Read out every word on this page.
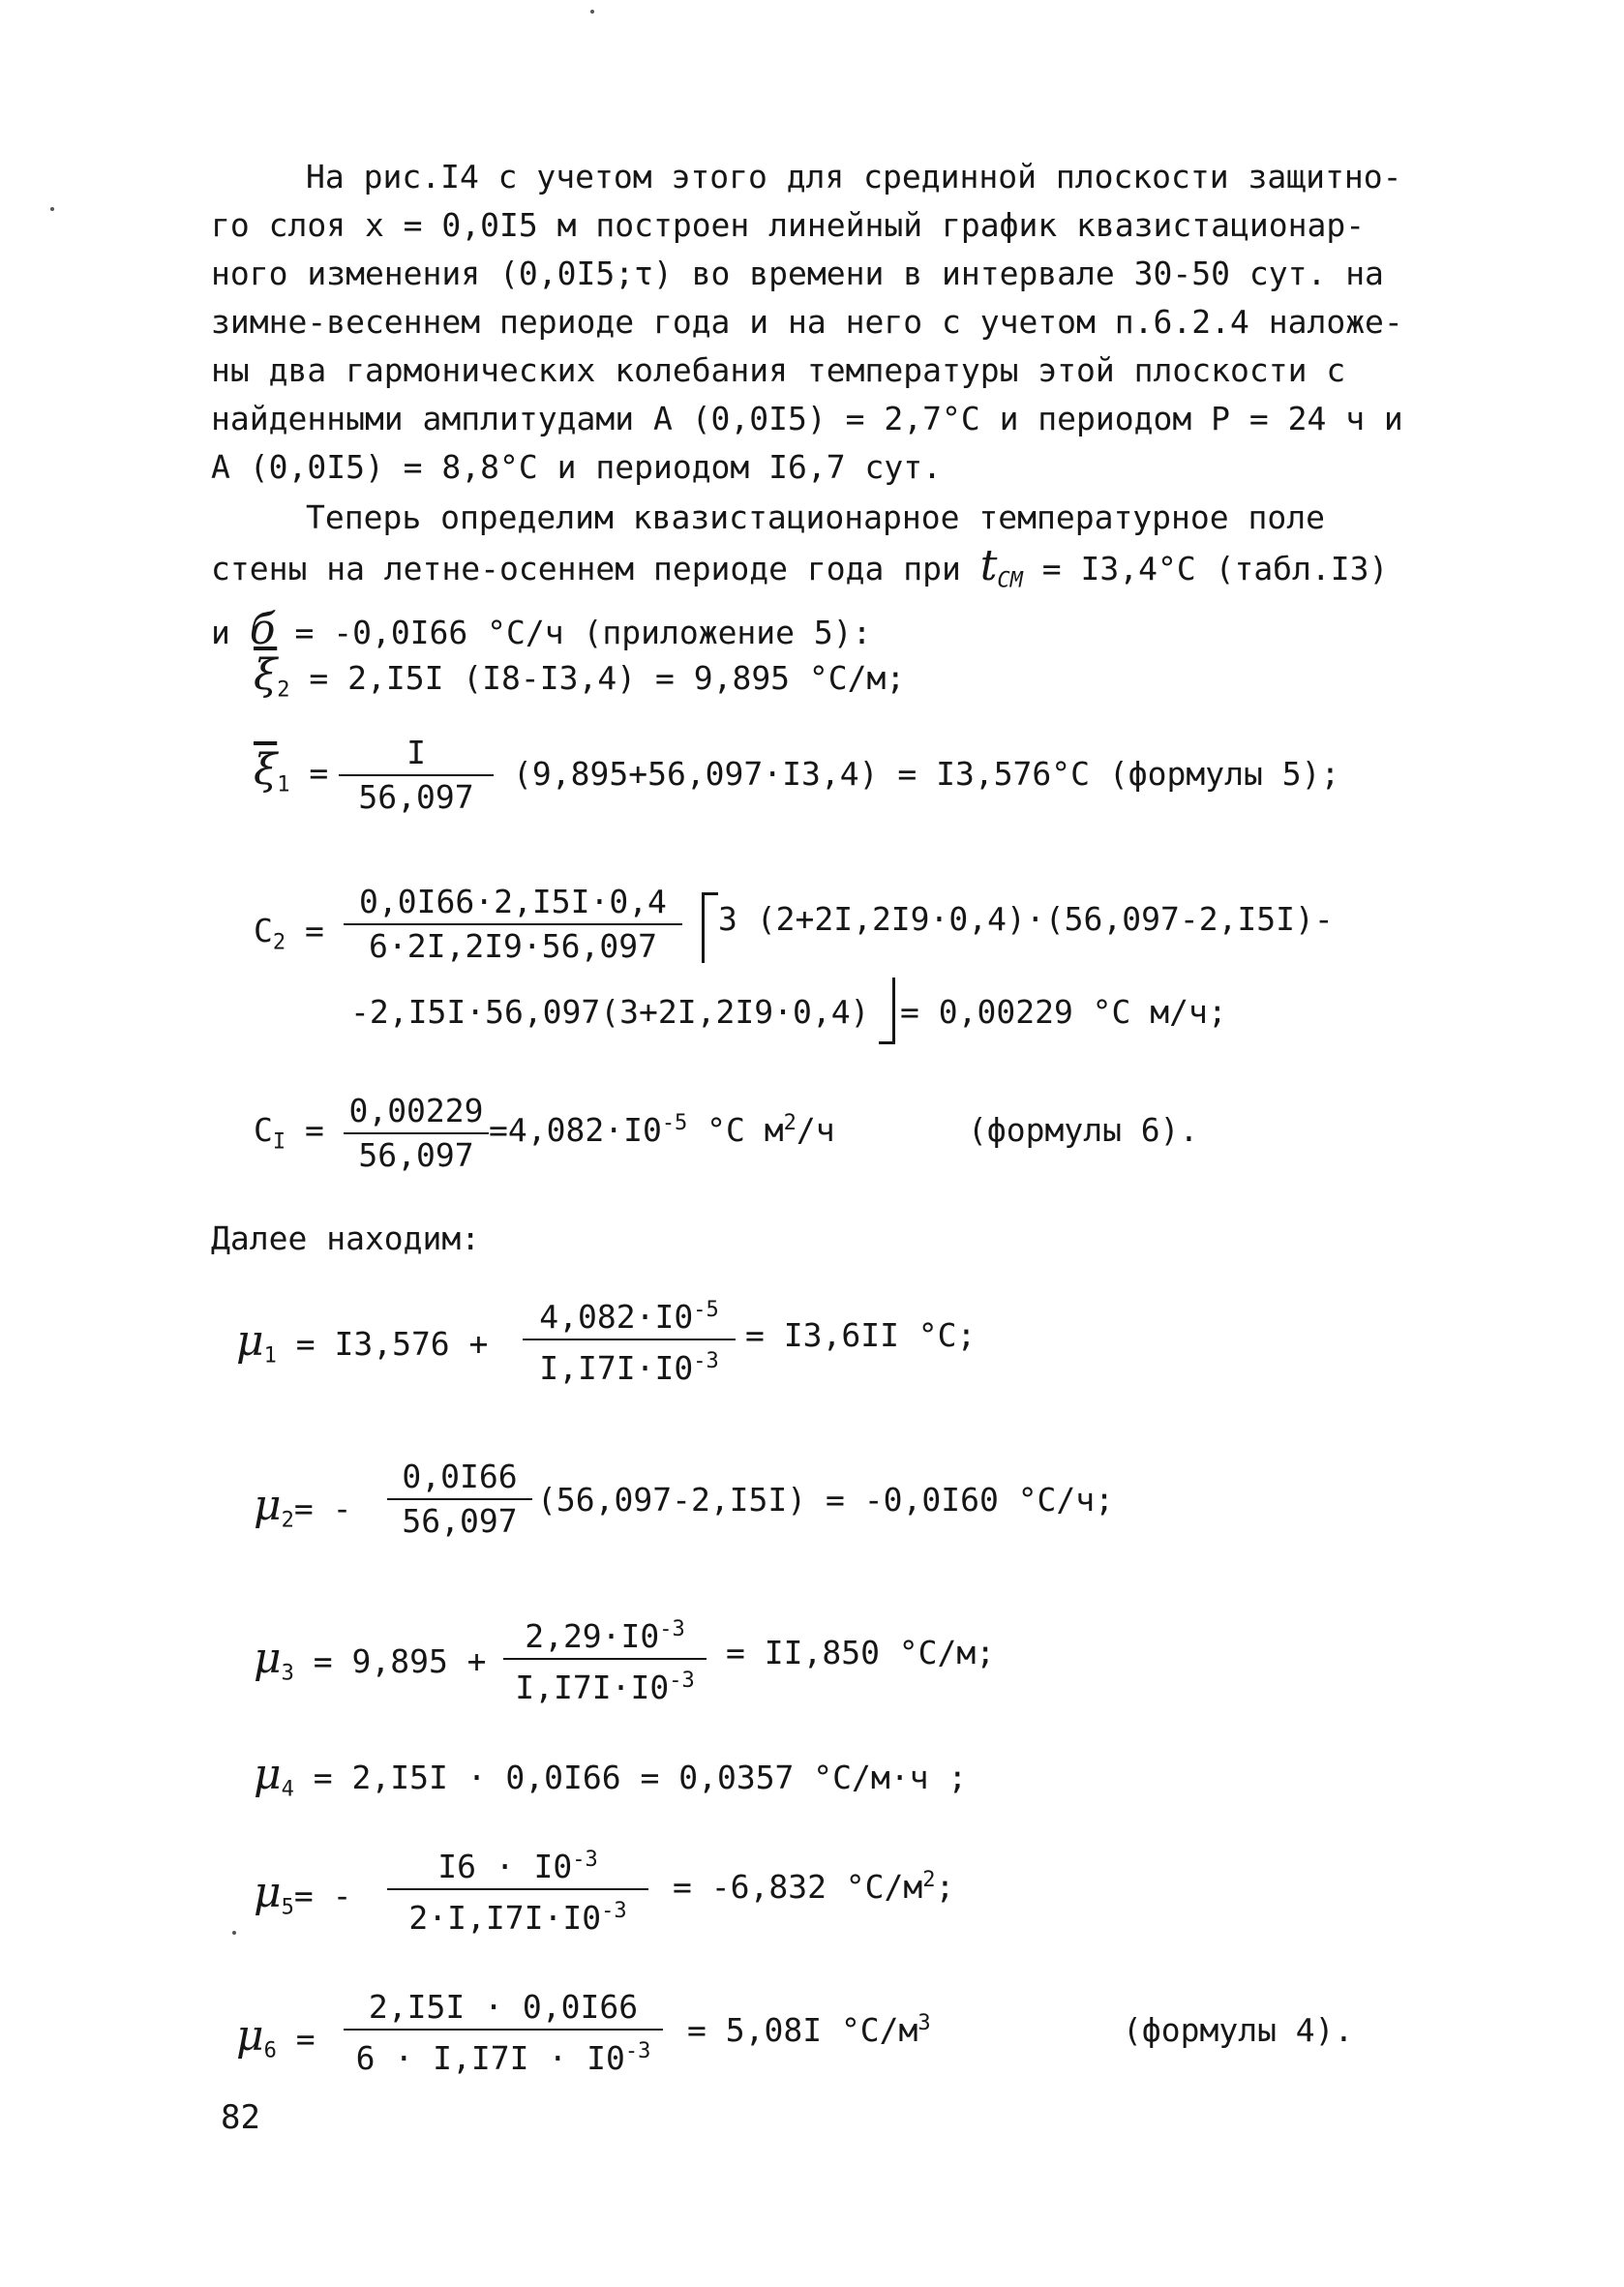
На рис.I4 с учетом этого для срединной плоскости защитно-

го слоя х = 0,0I5 м построен линейный график квазистационар-

ного изменения (0,0I5;τ) во времени в интервале 30-50 сут. на

зимне-весеннем периоде года и на него с учетом п.6.2.4 наложе-

ны два гармонических колебания температуры этой плоскости с

найденными амплитудами А (0,0I5) = 2,7°С и периодом Р = 24 ч и

А (0,0I5) = 8,8°С и периодом I6,7 сут.

Теперь определим квазистационарное температурное поле

стены на летне-осеннем периоде года при $t_{СМ} = I3,4^\circ С$ (табл.I3)

и б = -0,0I66 °С/ч (приложение 5):

$\overline{\xi}_2 = 2,I5I$ (I8-I3,4) = 9,895 °С/м;
$\overline{\xi}_1 = \frac{I}{56,097} (9,895+56,097\cdot I3,4) = I3,576^\circ С$ (формулы 5);
$С_2 = \frac{0,0I66\cdot 2,I5I\cdot 0,4}{6\cdot 2I,2I9\cdot 56,097} 3$ (2+2I,2I9·0,4)·(56,097-2,I5I)-
-2,I5I·56,097(3+2I,2I9·0,4) = 0,00229 °С м/ч;
$С_I = \frac{0,00229}{56,097} =4,082\cdot I0^{-5}$ °С $м^2/ч$	(формулы 6).
Далее находим:
$\mu_1 = I3,576 + \frac{4,082\cdot I0^{-5}}{I,I7I\cdot I0^{-3}} = I3,6II$ °С;
$\mu_2= - \frac{0,0I66}{56,097} (56,097-2,I5I) = -0,0I60$ °С/ч;
$\mu_3 = 9,895 + \frac{2,29\cdot I0^{-3}}{I,I7I\cdot I0^{-3}} = II,850$ °С/м;
$\mu_4 = 2,I5I \cdot 0,0I66 = 0,0357$ °С/м·ч ;
$\mu_5= - \frac{I6 \cdot I0^{-3}}{2\cdot I,I7I\cdot I0^{-3}} = -6,832$ $^\circ С/м^2$;
$\mu_6 = \frac{2,I5I \cdot 0,0I66}{6 \cdot I,I7I \cdot I0^{-3}} = 5,08I$ $^\circ С/м^3$	(формулы 4).
82
